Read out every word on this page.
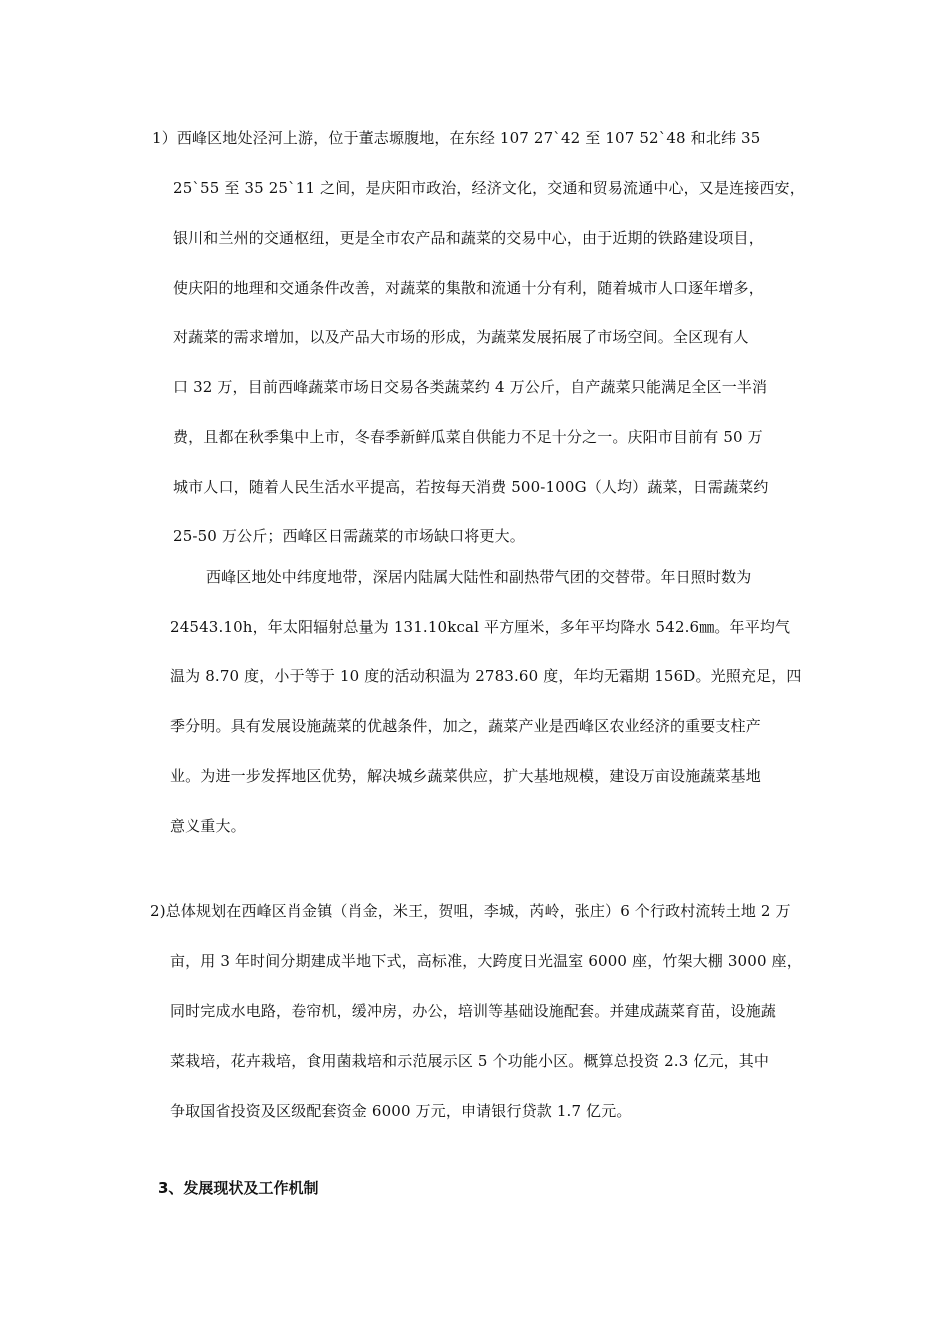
1）西峰区地处泾河上游，位于董志塬腹地，在东经 107 27`42 至 107 52`48 和北纬 35
25`55 至 35 25`11 之间，是庆阳市政治，经济文化，交通和贸易流通中心，又是连接西安，
银川和兰州的交通枢纽，更是全市农产品和蔬菜的交易中心，由于近期的铁路建设项目，
使庆阳的地理和交通条件改善，对蔬菜的集散和流通十分有利，随着城市人口逐年增多，
对蔬菜的需求增加，以及产品大市场的形成，为蔬菜发展拓展了市场空间。全区现有人
口 32 万，目前西峰蔬菜市场日交易各类蔬菜约 4 万公斤，自产蔬菜只能满足全区一半消
费，且都在秋季集中上市，冬春季新鲜瓜菜自供能力不足十分之一。庆阳市目前有 50 万
城市人口，随着人民生活水平提高，若按每天消费 500-100G（人均）蔬菜，日需蔬菜约
25-50 万公斤；西峰区日需蔬菜的市场缺口将更大。
西峰区地处中纬度地带，深居内陆属大陆性和副热带气团的交替带。年日照时数为
24543.10h，年太阳辐射总量为 131.10kcal 平方厘米，多年平均降水 542.6㎜。年平均气
温为 8.70 度，小于等于 10 度的活动积温为 2783.60 度，年均无霜期 156D。光照充足，四
季分明。具有发展设施蔬菜的优越条件，加之，蔬菜产业是西峰区农业经济的重要支柱产
业。为进一步发挥地区优势，解决城乡蔬菜供应，扩大基地规模，建设万亩设施蔬菜基地
意义重大。
2)总体规划在西峰区肖金镇（肖金，米王，贺咀，李城，芮岭，张庄）6 个行政村流转土地 2 万
亩，用 3 年时间分期建成半地下式，高标准，大跨度日光温室 6000 座，竹架大棚 3000 座，
同时完成水电路，卷帘机，缓冲房，办公，培训等基础设施配套。并建成蔬菜育苗，设施蔬
菜栽培，花卉栽培，食用菌栽培和示范展示区 5 个功能小区。概算总投资 2.3 亿元，其中
争取国省投资及区级配套资金 6000 万元，申请银行贷款 1.7 亿元。
3、发展现状及工作机制
